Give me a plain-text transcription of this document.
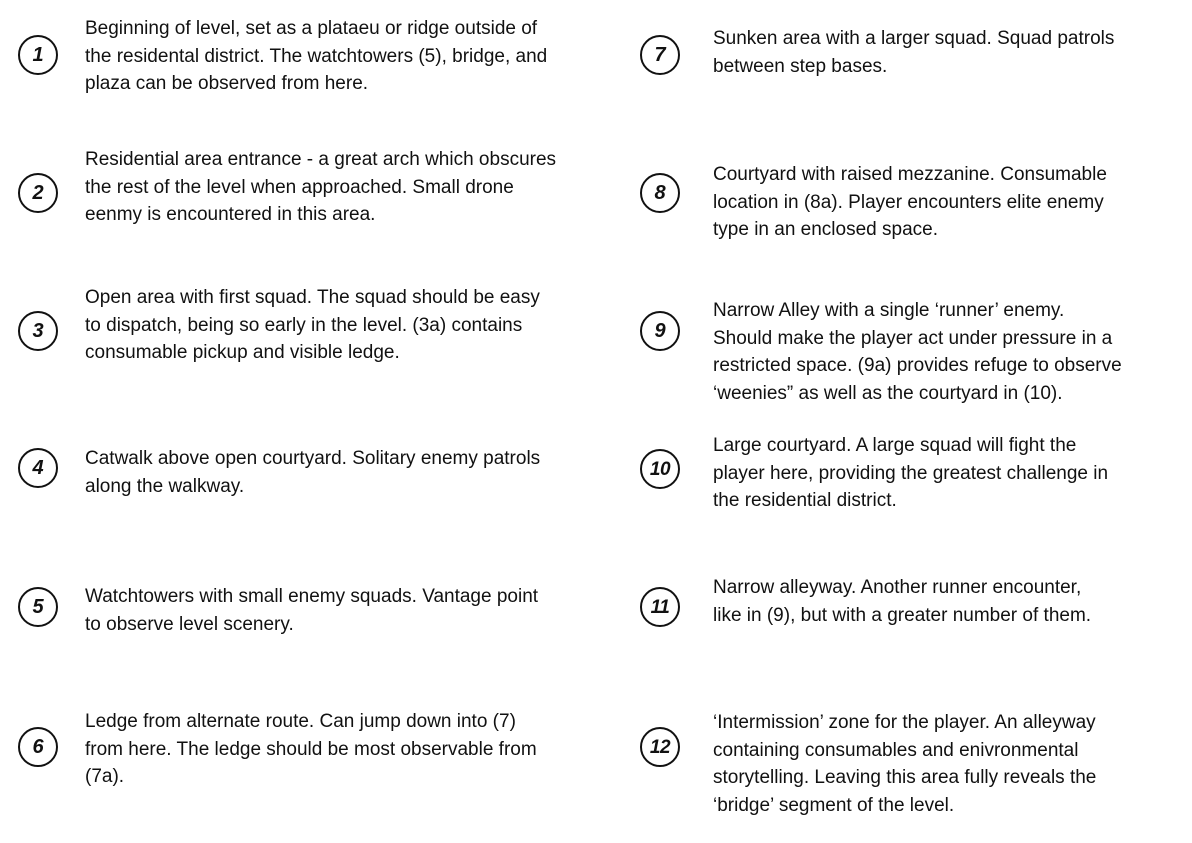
1

Beginning of level, set as a plataeu or ridge outside of
the residental district. The watchtowers (5), bridge, and
plaza can be observed from here.

2

Residential area entrance - a great arch which obscures
the rest of the level when approached. Small drone
eenmy is encountered in this area.

3

Open area with first squad. The squad should be easy
to dispatch, being so early in the level. (3a) contains
consumable pickup and visible ledge.

4	Catwalk above open courtyard. Solitary enemy patrols
along the walkway.

5	Watchtowers with small enemy squads. Vantage point
to observe level scenery.

6

Ledge from alternate route. Can jump down into (7)
from here. The ledge should be most observable from
(7a).

7

Sunken area with a larger squad. Squad patrols
between step bases.

8

Courtyard with raised mezzanine. Consumable
location in (8a). Player encounters elite enemy
type in an enclosed space.

9

Narrow Alley with a single ‘runner’ enemy.
Should make the player act under pressure in a
restricted space. (9a) provides refuge to observe
‘weenies” as well as the courtyard in (10).

10

Large courtyard. A large squad will fight the
player here, providing the greatest challenge in
the residential district.

11

Narrow alleyway. Another runner encounter,
like in (9), but with a greater number of them.

12

‘Intermission’ zone for the player. An alleyway
containing consumables and enivronmental
storytelling. Leaving this area fully reveals the
‘bridge’ segment of the level.
